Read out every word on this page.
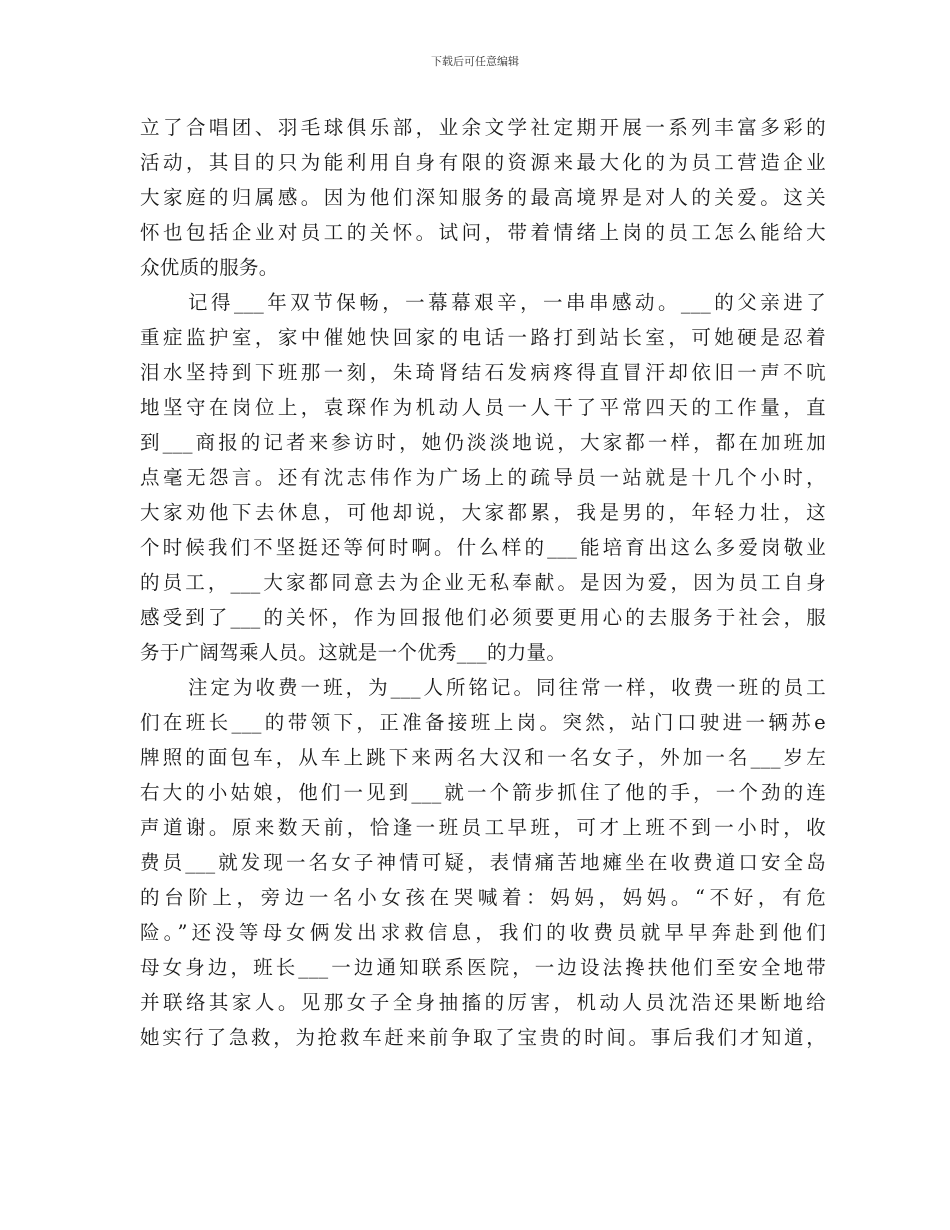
下载后可任意编辑
立了合唱团、羽毛球俱乐部，业余文学社定期开展一系列丰富多彩的
活动，其目的只为能利用自身有限的资源来最大化的为员工营造企业
大家庭的归属感。因为他们深知服务的最高境界是对人的关爱。这关
怀也包括企业对员工的关怀。试问，带着情绪上岗的员工怎么能给大
众优质的服务。
记得___年双节保畅，一幕幕艰辛，一串串感动。___的父亲进了
重症监护室，家中催她快回家的电话一路打到站长室，可她硬是忍着
泪水坚持到下班那一刻，朱琦肾结石发病疼得直冒汗却依旧一声不吭
地坚守在岗位上，袁琛作为机动人员一人干了平常四天的工作量，直
到___商报的记者来参访时，她仍淡淡地说，大家都一样，都在加班加
点毫无怨言。还有沈志伟作为广场上的疏导员一站就是十几个小时，
大家劝他下去休息，可他却说，大家都累，我是男的，年轻力壮，这
个时候我们不坚挺还等何时啊。什么样的___能培育出这么多爱岗敬业
的员工，___大家都同意去为企业无私奉献。是因为爱，因为员工自身
感受到了___的关怀，作为回报他们必须要更用心的去服务于社会，服
务于广阔驾乘人员。这就是一个优秀___的力量。
注定为收费一班，为___人所铭记。同往常一样，收费一班的员工
们在班长___的带领下，正准备接班上岗。突然，站门口驶进一辆苏e
牌照的面包车，从车上跳下来两名大汉和一名女子，外加一名___岁左
右大的小姑娘，他们一见到___就一个箭步抓住了他的手，一个劲的连
声道谢。原来数天前，恰逢一班员工早班，可才上班不到一小时，收
费员___就发现一名女子神情可疑，表情痛苦地瘫坐在收费道口安全岛
的台阶上，旁边一名小女孩在哭喊着：妈妈，妈妈。“不好，有危
险。”还没等母女俩发出求救信息，我们的收费员就早早奔赴到他们
母女身边，班长___一边通知联系医院，一边设法搀扶他们至安全地带
并联络其家人。见那女子全身抽搐的厉害，机动人员沈浩还果断地给
她实行了急救，为抢救车赶来前争取了宝贵的时间。事后我们才知道，
